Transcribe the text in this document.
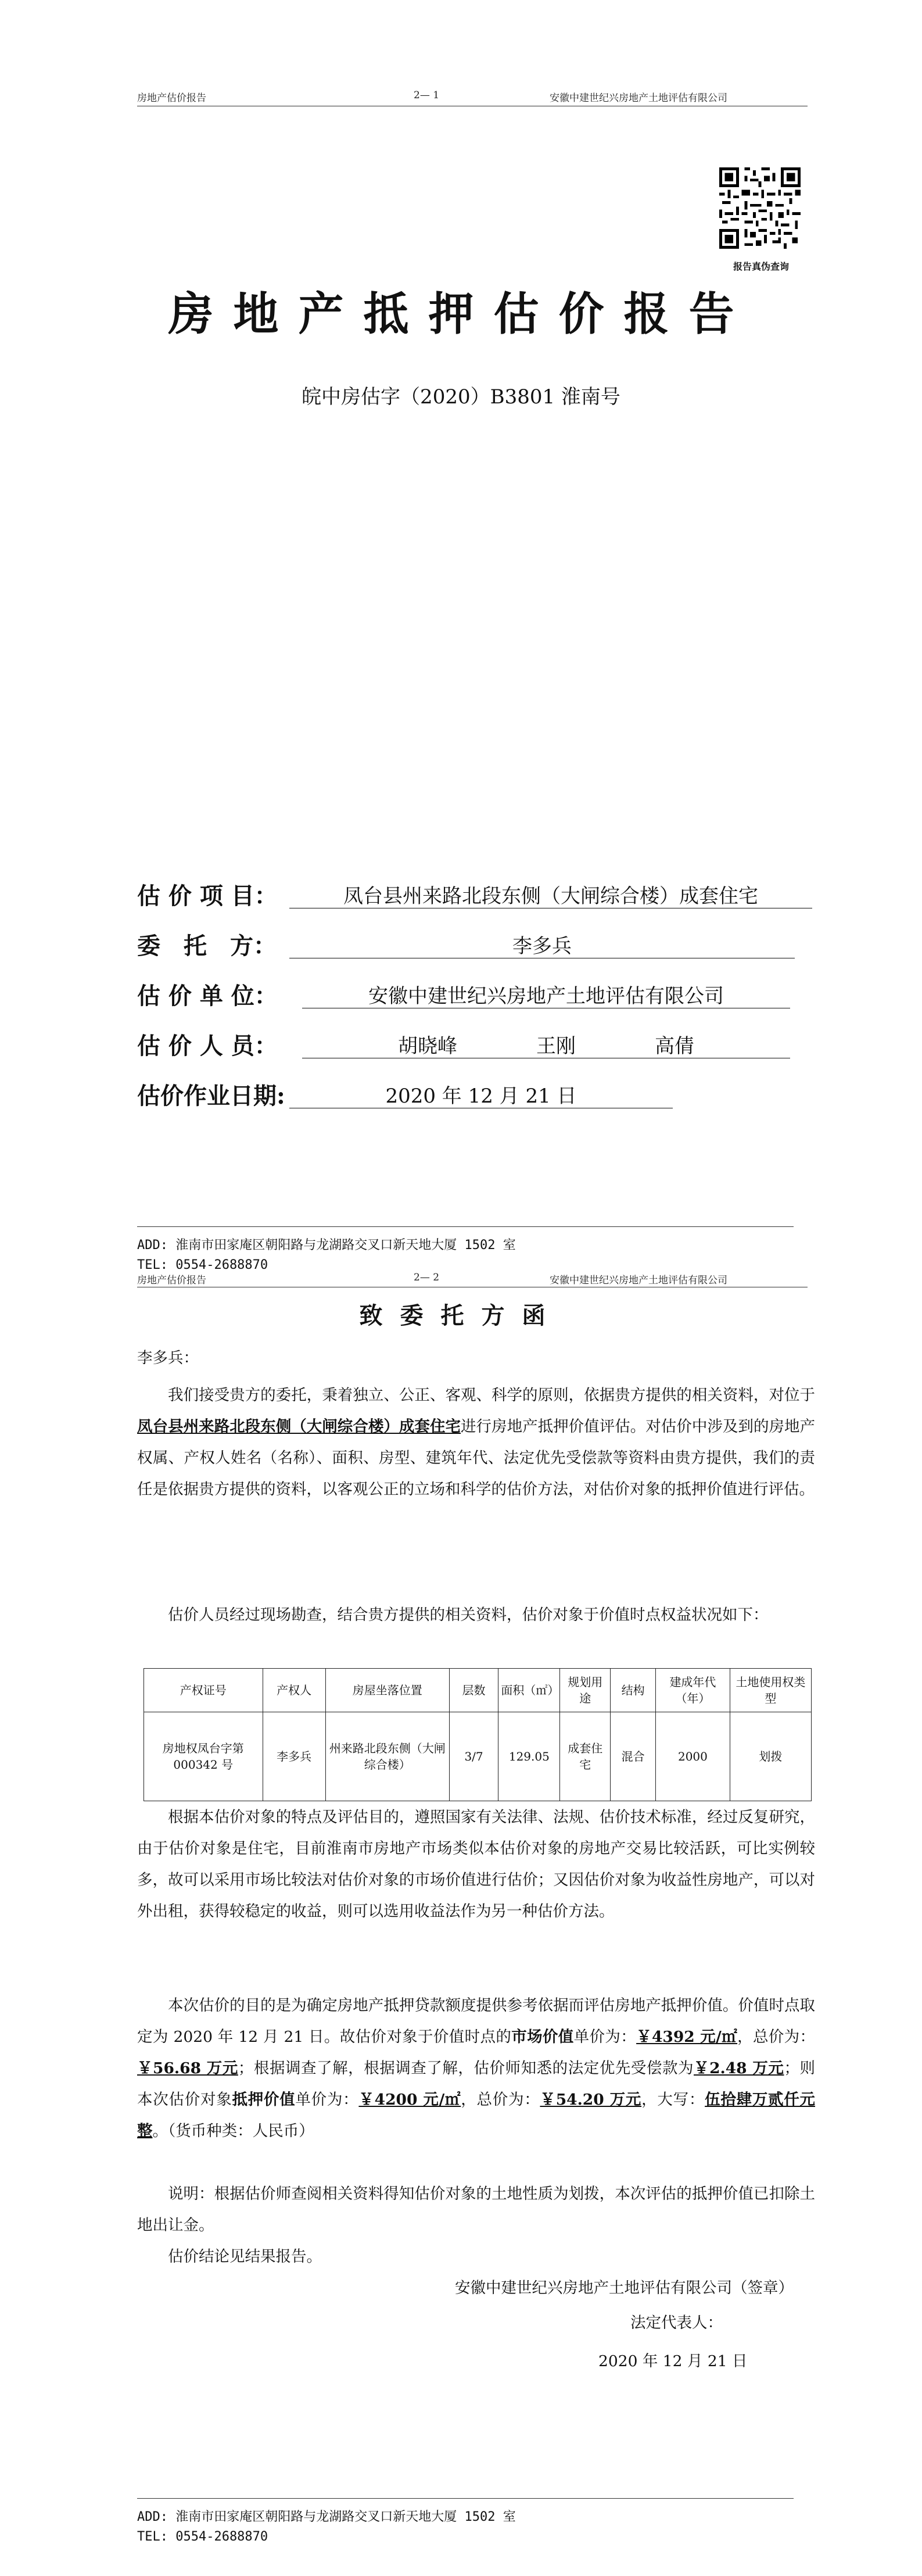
房地产估价报告	2— 1	安徽中建世纪兴房地产土地评估有限公司
报告真伪查询
房地产抵押估价报告
皖中房估字（2020）B3801 淮南号
估 价 项 目：	凤台县州来路北段东侧（大闸综合楼）成套住宅
委　托　方：	李多兵
估 价 单 位：	安徽中建世纪兴房地产土地评估有限公司
估 价 人 员：	胡晓峰　　　　王刚　　　　高倩
估价作业日期:	2020 年 12 月 21 日
ADD: 淮南市田家庵区朝阳路与龙湖路交叉口新天地大厦 1502 室
TEL: 0554-2688870
房地产估价报告	2— 2	安徽中建世纪兴房地产土地评估有限公司
致委托方函
李多兵：
我们接受贵方的委托，秉着独立、公正、客观、科学的原则，依据贵方提供的相关资料，对位于凤台县州来路北段东侧（大闸综合楼）成套住宅进行房地产抵押价值评估。对估价中涉及到的房地产权属、产权人姓名（名称）、面积、房型、建筑年代、法定优先受偿款等资料由贵方提供，我们的责任是依据贵方提供的资料，以客观公正的立场和科学的估价方法，对估价对象的抵押价值进行评估。
估价人员经过现场勘查，结合贵方提供的相关资料，估价对象于价值时点权益状况如下：
产权证号	产权人	房屋坐落位置	层数	面积（㎡）	规划用途	结构	建成年代（年）	土地使用权类型
房地权凤台字第000342 号	李多兵	州来路北段东侧（大闸综合楼）	3/7	129.05	成套住宅	混合	2000	划拨
根据本估价对象的特点及评估目的，遵照国家有关法律、法规、估价技术标准，经过反复研究，由于估价对象是住宅，目前淮南市房地产市场类似本估价对象的房地产交易比较活跃，可比实例较多，故可以采用市场比较法对估价对象的市场价值进行估价；又因估价对象为收益性房地产，可以对外出租，获得较稳定的收益，则可以选用收益法作为另一种估价方法。
本次估价的目的是为确定房地产抵押贷款额度提供参考依据而评估房地产抵押价值。价值时点取定为 2020 年 12 月 21 日。故估价对象于价值时点的市场价值单价为：￥4392 元/㎡，总价为：￥56.68 万元；根据调查了解，根据调查了解，估价师知悉的法定优先受偿款为￥2.48 万元；则本次估价对象抵押价值单价为：￥4200 元/㎡，总价为：￥54.20 万元，大写：伍拾肆万贰仟元整。（货币种类：人民币）
说明：根据估价师查阅相关资料得知估价对象的土地性质为划拨，本次评估的抵押价值已扣除土地出让金。
估价结论见结果报告。
安徽中建世纪兴房地产土地评估有限公司（签章）
法定代表人：
2020 年 12 月 21 日
ADD: 淮南市田家庵区朝阳路与龙湖路交叉口新天地大厦 1502 室
TEL: 0554-2688870
